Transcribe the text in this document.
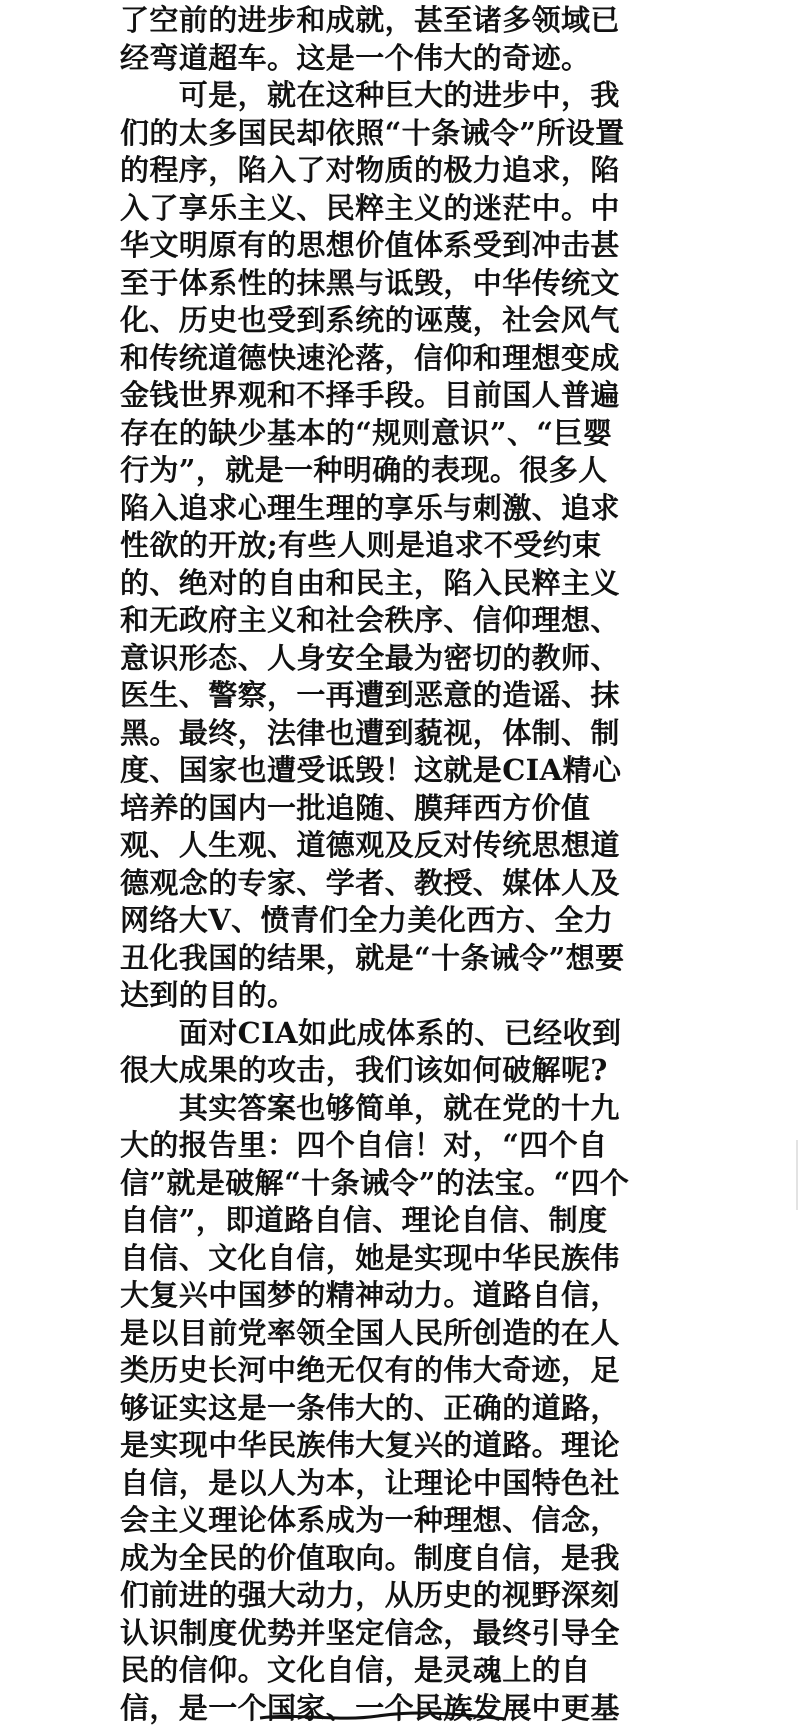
了空前的进步和成就，甚至诸多领域已
经弯道超车。这是一个伟大的奇迹。
　　可是，就在这种巨大的进步中，我
们的太多国民却依照“十条诫令”所设置
的程序，陷入了对物质的极力追求，陷
入了享乐主义、民粹主义的迷茫中。中
华文明原有的思想价值体系受到冲击甚
至于体系性的抹黑与诋毁，中华传统文
化、历史也受到系统的诬蔑，社会风气
和传统道德快速沦落，信仰和理想变成
金钱世界观和不择手段。目前国人普遍
存在的缺少基本的“规则意识”、“巨婴
行为”，就是一种明确的表现。很多人
陷入追求心理生理的享乐与刺激、追求
性欲的开放;有些人则是追求不受约束
的、绝对的自由和民主，陷入民粹主义
和无政府主义和社会秩序、信仰理想、
意识形态、人身安全最为密切的教师、
医生、警察，一再遭到恶意的造谣、抹
黑。最终，法律也遭到藐视，体制、制
度、国家也遭受诋毁！这就是CIA精心
培养的国内一批追随、膜拜西方价值
观、人生观、道德观及反对传统思想道
德观念的专家、学者、教授、媒体人及
网络大V、愤青们全力美化西方、全力
丑化我国的结果，就是“十条诫令”想要
达到的目的。
　　面对CIA如此成体系的、已经收到
很大成果的攻击，我们该如何破解呢?
　　其实答案也够简单，就在党的十九
大的报告里：四个自信！对，“四个自
信”就是破解“十条诫令”的法宝。“四个
自信”，即道路自信、理论自信、制度
自信、文化自信，她是实现中华民族伟
大复兴中国梦的精神动力。道路自信，
是以目前党率领全国人民所创造的在人
类历史长河中绝无仅有的伟大奇迹，足
够证实这是一条伟大的、正确的道路，
是实现中华民族伟大复兴的道路。理论
自信，是以人为本，让理论中国特色社
会主义理论体系成为一种理想、信念，
成为全民的价值取向。制度自信，是我
们前进的强大动力，从历史的视野深刻
认识制度优势并坚定信念，最终引导全
民的信仰。文化自信，是灵魂上的自
信，是一个国家、一个民族发展中更基
